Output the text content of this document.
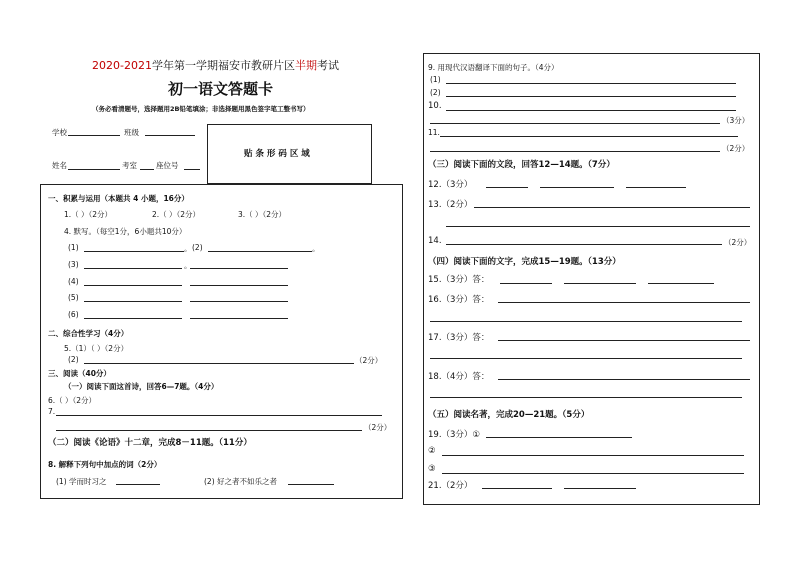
2020-2021学年第一学期福安市教研片区半期考试
初一语文答题卡
（务必看清题号，选择题用2B铅笔填涂；非选择题用黑色签字笔工整书写）
学校	班级
姓名	考室	座位号
贴 条 形 码 区 域
一、积累与运用（本题共 4 小题，16分）
1.（ ）（2分）	2.（ ）（2分）	3.（ ）（2分）
4. 默写。（每空1分，6小题共10分）
(1)	。 (2)	。
(3)	。
(4)
(5)
(6)
二、综合性学习（4分）
5.（1）（ ）（2分）
(2)	（2分）
三、阅读（40分）
（一）阅读下面这首诗，回答6—7题。（4分）
6.（ ）（2分）
7.
（2分）
（二）阅读《论语》十二章，完成8－11题。（11分）
8. 解释下列句中加点的词（2分）
(1) 学而时习之	(2) 好之者不如乐之者
9. 用现代汉语翻译下面的句子。（4分）
(1)
(2)
10.
（3分）
11.
（2分）
（三）阅读下面的文段，回答12—14题。（7分）
12.（3分）
13.（2分）
14.	（2分）
（四）阅读下面的文字，完成15—19题。（13分）
15.（3分）答：
16.（3分）答：
17.（3分）答：
18.（4分）答：
（五）阅读名著，完成20—21题。（5分）
19.（3分）①
②
③
21.（2分）
